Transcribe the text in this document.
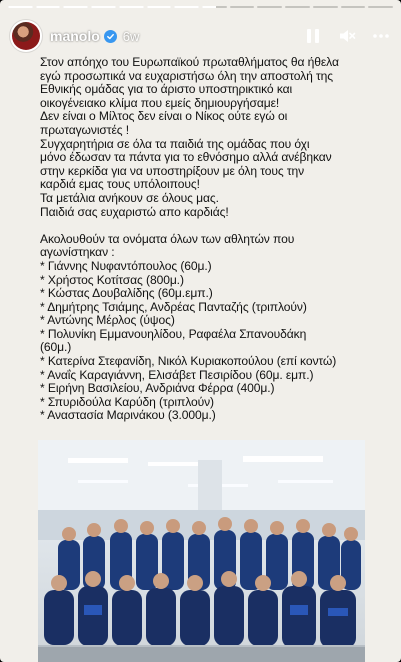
manolo 6w
Στον απόηχο του Ευρωπαϊκού πρωταθλήματος θα ήθελα
εγώ προσωπικά να ευχαριστήσω όλη την αποστολή της
Εθνικής ομάδας για το άριστο υποστηρικτικό και
οικογένειακο κλίμα που εμείς δημιουργήσαμε!
Δεν είναι ο Μίλτος δεν είναι ο Νίκος ούτε εγώ οι
πρωταγωνιστές !
Συγχαρητήρια σε όλα τα παιδιά της ομάδας που όχι
μόνο έδωσαν τα πάντα για το εθνόσημο αλλά ανέβηκαν
στην κερκίδα για να υποστηρίξουν με όλη τους την
καρδιά εμας τους υπόλοιπους!
Τα μετάλια ανήκουν σε όλους μας.
Παιδιά σας ευχαριστώ απο καρδιάς!
Ακολουθούν τα ονόματα όλων των αθλητών που
αγωνίστηκαν :
* Γιάννης Νυφαντόπουλος (60μ.)
* Χρήστος Κοτίτσας (800μ.)
* Κώστας Δουβαλίδης (60μ.εμπ.)
* Δημήτρης Τσιάμης, Ανδρέας Πανταζής (τριπλούν)
* Αντώνης Μέρλος (ύψος)
* Πολυνίκη Εμμανουηλίδου, Ραφαέλα Σπανουδάκη
(60μ.)
* Κατερίνα Στεφανίδη, Νικόλ Κυριακοπούλου (επί κοντώ)
* Αναΐς Καραγιάννη, Ελισάβετ Πεσιρίδου (60μ. εμπ.)
* Ειρήνη Βασιλείου, Ανδριάνα Φέρρα (400μ.)
* Σπυριδούλα Καρύδη (τριπλούν)
* Αναστασία Μαρινάκου (3.000μ.)
